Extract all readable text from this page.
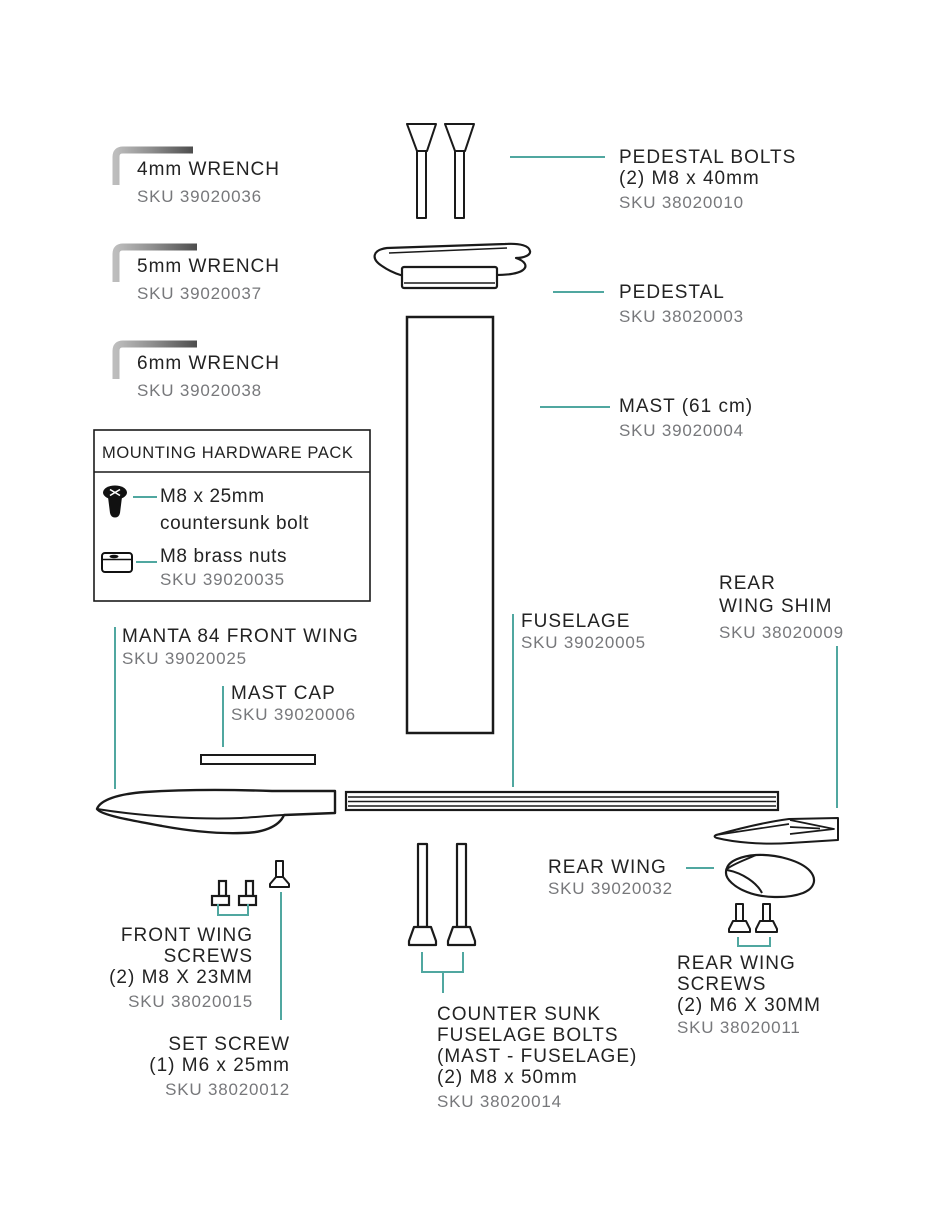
4mm WRENCH
SKU 39020036
5mm WRENCH
SKU 39020037
6mm WRENCH
SKU 39020038
PEDESTAL BOLTS
(2) M8 x 40mm
SKU 38020010
PEDESTAL
SKU 38020003
MAST (61 cm)
SKU 39020004
MOUNTING HARDWARE PACK
M8 x 25mm
countersunk bolt
M8 brass nuts
SKU 39020035
FUSELAGE
SKU 39020005
REAR
WING SHIM
SKU 38020009
MANTA 84 FRONT WING
SKU 39020025
MAST CAP
SKU 39020006
FRONT WING
SCREWS
(2) M8 X 23MM
SKU 38020015
SET SCREW
(1) M6 x 25mm
SKU 38020012
COUNTER SUNK
FUSELAGE BOLTS
(MAST - FUSELAGE)
(2) M8 x 50mm
SKU 38020014
REAR WING
SKU 39020032
REAR WING
SCREWS
(2) M6 X 30MM
SKU 38020011
